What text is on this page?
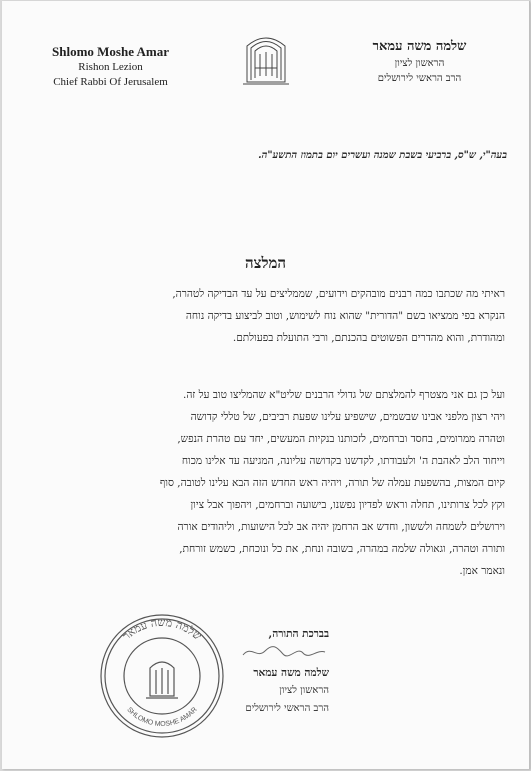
Shlomo Moshe Amar
Rishon Lezion
Chief Rabbi Of Jerusalem
שלמה משה עמאר
הראשון לציון
הרב הראשי לירושלים
בעה"י, ש"ס, ברביעי בשבת שמנה ועשרים יום בתמוז התשע"ה.
המלצה

ראיתי מה שכתבו כמה רבנים מובהקים וידועים, שממליצים על עד הבדיקה לטהרה,

הנקרא בפי ממציאו בשם "הדורית" שהוא נוח לשימוש, וטוב לביצוע בדיקה נוחה

ומהודרת, והוא מהדרים הפשוטים בהכנתם, ורבי התועלת בפעולתם.

ועל כן גם אני מצטרף להמלצתם של גדולי הרבנים שליט"א שהמליצו טוב על זה.

ויהי רצון מלפני אבינו שבשמים, שישפיע עלינו שפעת רביבים, של טללי קדושה

וטהרה ממרומים, בחסד וברחמים, לזכותנו בנקיות המעשים, יחד עם טהרת הנפש,

וייחוד הלב לאהבת ה' ולעבודתו, לקדשנו בקדושה עליונה, המגיעה עד אלינו מכוח

קיום המצות, בהשפעת עמלה של תורה, ויהיה ראש החדש הזה הבא עלינו לטובה, סוף

וקץ לכל צרותינו, תחלה וראש לפדיון נפשנו, בישועה וברחמים, ויהפוך אבל ציון

וירושלים לשמחה ולששון, וחדש אב הרחמן יהיה אב לכל הישועות, וליהודים אורה

ותורה וטהרה, וגאולה שלמה במהרה, בשובה ונחת, את כל ונוכחת, כשמש זורחת,

ונאמר אמן.

שלמה משה עמאר
SHLOMO MOSHE AMAR
בברכת התורה,
שלמה משה עמאר
הראשון לציון
הרב הראשי לירושלים
